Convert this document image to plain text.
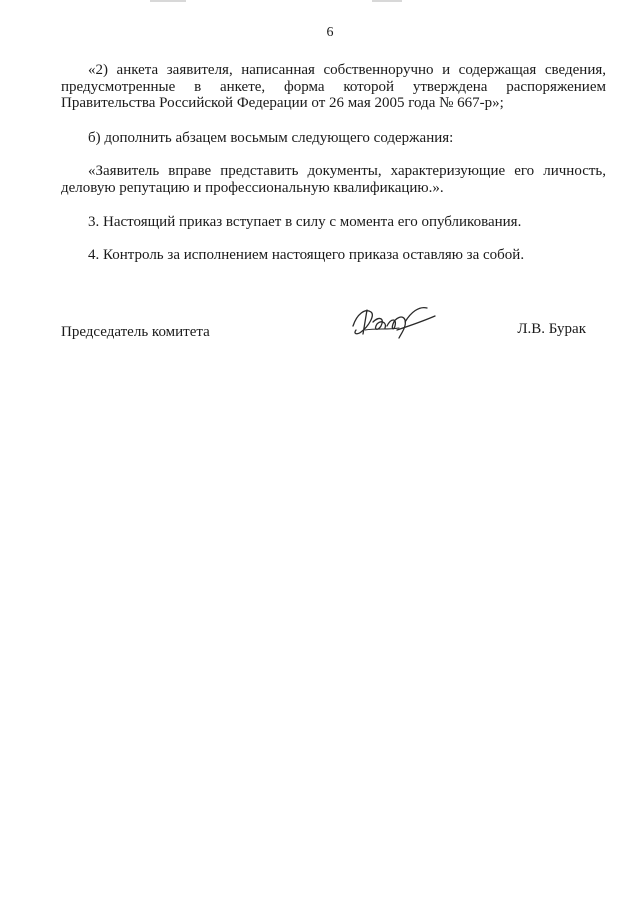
6

«2) анкета заявителя, написанная собственноручно и содержащая сведения,
предусмотренные в анкете, форма которой утверждена распоряжением
Правительства Российской Федерации от 26 мая 2005 года № 667-р»;

б) дополнить абзацем восьмым следующего содержания:

«Заявитель вправе представить документы, характеризующие его личность,
деловую репутацию и профессиональную квалификацию.».

3. Настоящий приказ вступает в силу с момента его опубликования.

4. Контроль за исполнением настоящего приказа оставляю за собой.

Председатель комитета	Л.В. Бурак
